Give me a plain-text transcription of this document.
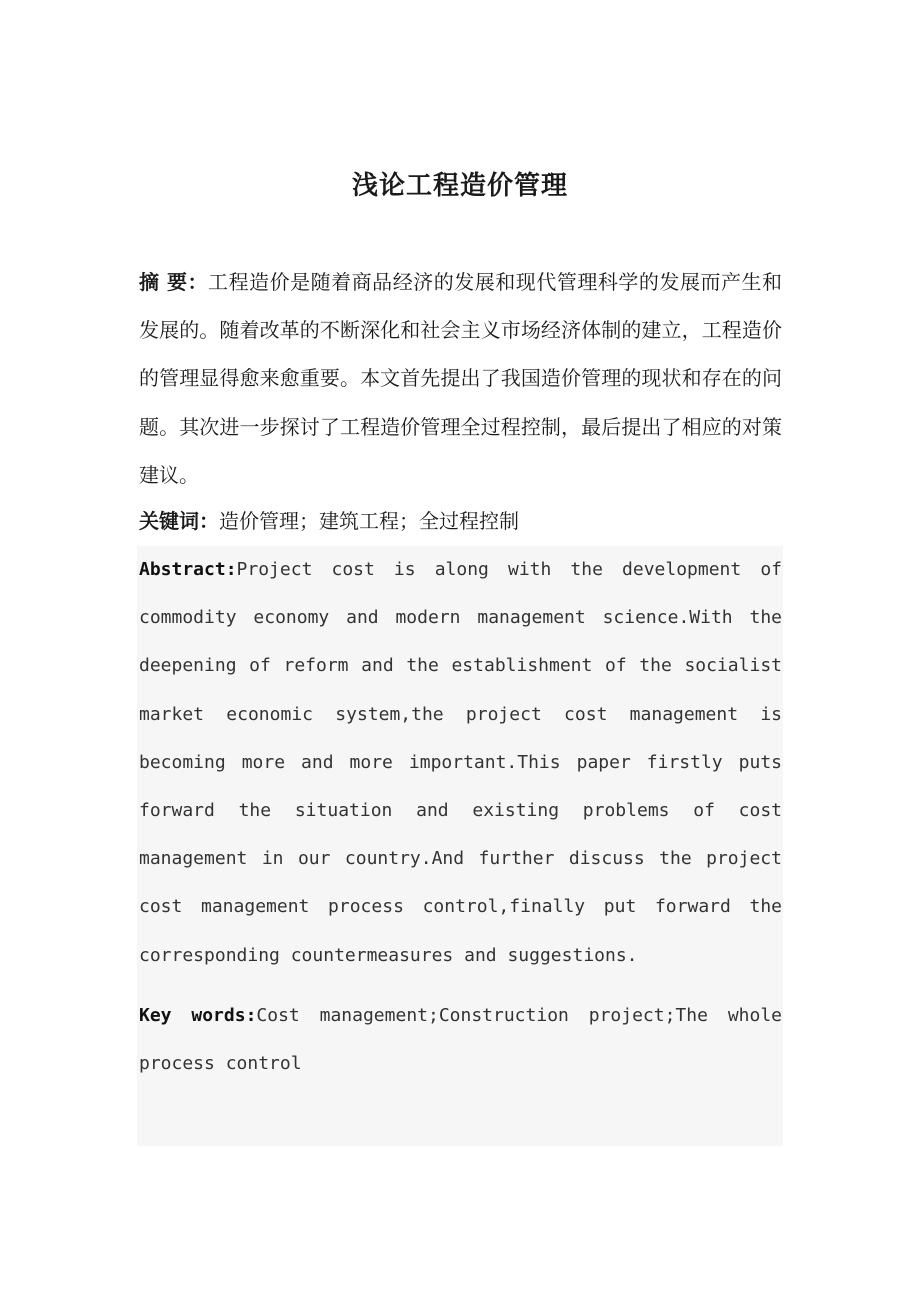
浅论工程造价管理
摘 要：工程造价是随着商品经济的发展和现代管理科学的发展而产生和发展的。随着改革的不断深化和社会主义市场经济体制的建立，工程造价的管理显得愈来愈重要。本文首先提出了我国造价管理的现状和存在的问题。其次进一步探讨了工程造价管理全过程控制，最后提出了相应的对策建议。
关键词：造价管理；建筑工程；全过程控制
Abstract:Project cost is along with the development of commodity economy and modern management science.With the deepening of reform and the establishment of the socialist market economic system,the project cost management is becoming more and more important.This paper firstly puts forward the situation and existing problems of cost management in our country.And further discuss the project cost management process control,finally put forward the corresponding countermeasures and suggestions.
Key words:Cost management;Construction project;The whole process control
